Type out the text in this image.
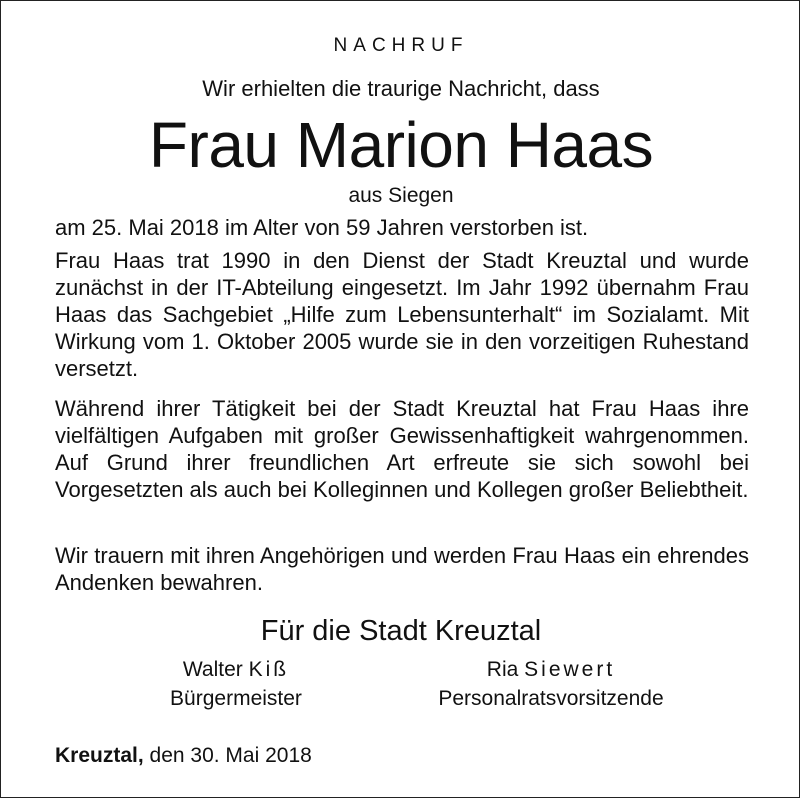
NACHRUF
Wir erhielten die traurige Nachricht, dass
Frau Marion Haas
aus Siegen
am 25. Mai 2018 im Alter von 59 Jahren verstorben ist.
Frau Haas trat 1990 in den Dienst der Stadt Kreuztal und wurde zunächst in der IT-Abteilung eingesetzt. Im Jahr 1992 übernahm Frau Haas das Sachgebiet „Hilfe zum Lebensunterhalt“ im Sozialamt. Mit Wirkung vom 1. Oktober 2005 wurde sie in den vorzeitigen Ruhestand versetzt.
Während ihrer Tätigkeit bei der Stadt Kreuztal hat Frau Haas ihre vielfältigen Aufgaben mit großer Gewissenhaftigkeit wahrgenommen. Auf Grund ihrer freundlichen Art erfreute sie sich sowohl bei Vorgesetzten als auch bei Kolleginnen und Kollegen großer Beliebtheit.
Wir trauern mit ihren Angehörigen und werden Frau Haas ein ehrendes Andenken bewahren.
Für die Stadt Kreuztal
Walter Kiß
Bürgermeister
Ria Siewert
Personalratsvorsitzende
Kreuztal, den 30. Mai 2018
